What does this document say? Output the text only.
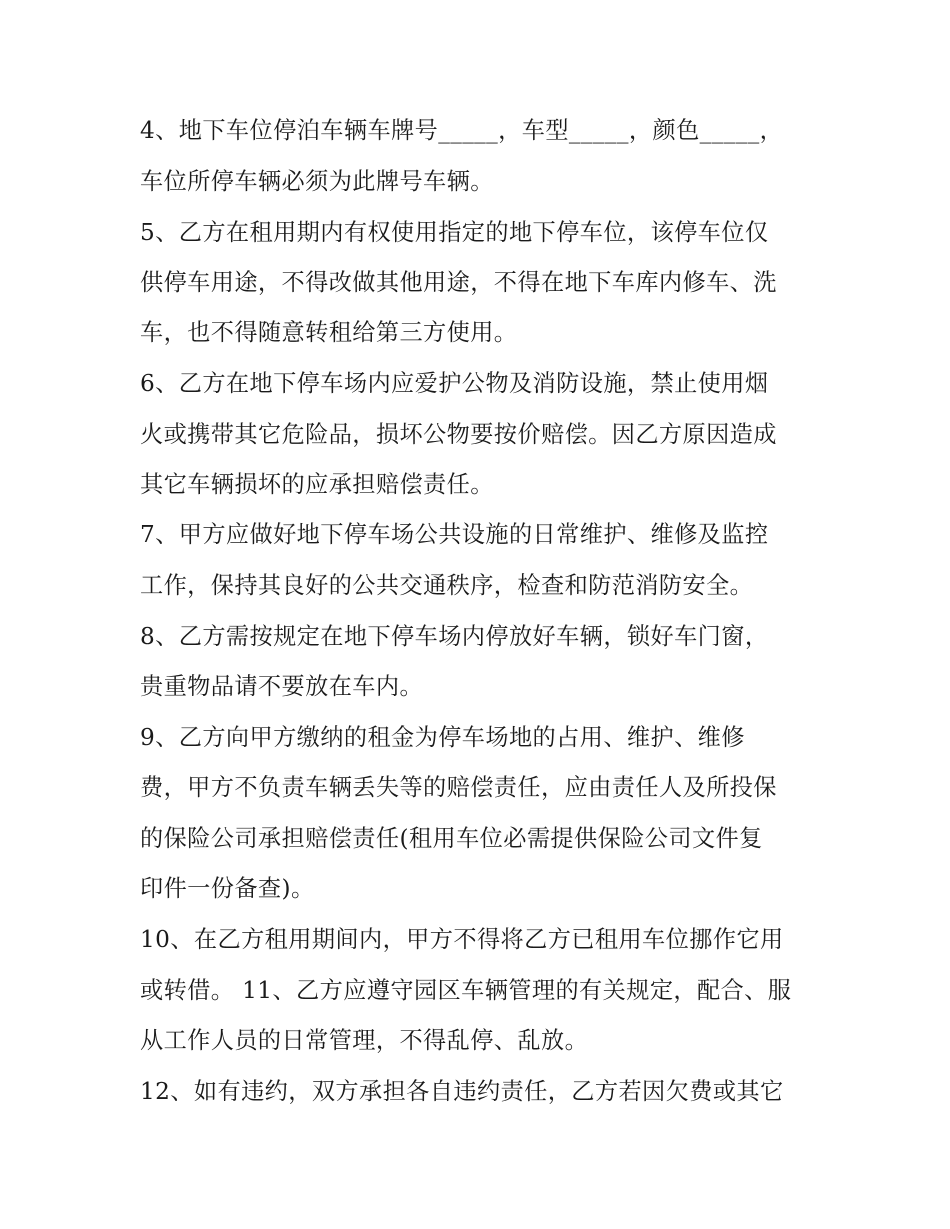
4、地下车位停泊车辆车牌号_____，车型_____，颜色_____，
车位所停车辆必须为此牌号车辆。
5、乙方在租用期内有权使用指定的地下停车位，该停车位仅
供停车用途，不得改做其他用途，不得在地下车库内修车、洗
车，也不得随意转租给第三方使用。
6、乙方在地下停车场内应爱护公物及消防设施，禁止使用烟
火或携带其它危险品，损坏公物要按价赔偿。因乙方原因造成
其它车辆损坏的应承担赔偿责任。
7、甲方应做好地下停车场公共设施的日常维护、维修及监控
工作，保持其良好的公共交通秩序，检查和防范消防安全。
8、乙方需按规定在地下停车场内停放好车辆，锁好车门窗，
贵重物品请不要放在车内。
9、乙方向甲方缴纳的租金为停车场地的占用、维护、维修
费，甲方不负责车辆丢失等的赔偿责任，应由责任人及所投保
的保险公司承担赔偿责任(租用车位必需提供保险公司文件复
印件一份备查)。
10、在乙方租用期间内，甲方不得将乙方已租用车位挪作它用
或转借。 11、乙方应遵守园区车辆管理的有关规定，配合、服
从工作人员的日常管理，不得乱停、乱放。
12、如有违约，双方承担各自违约责任，乙方若因欠费或其它
